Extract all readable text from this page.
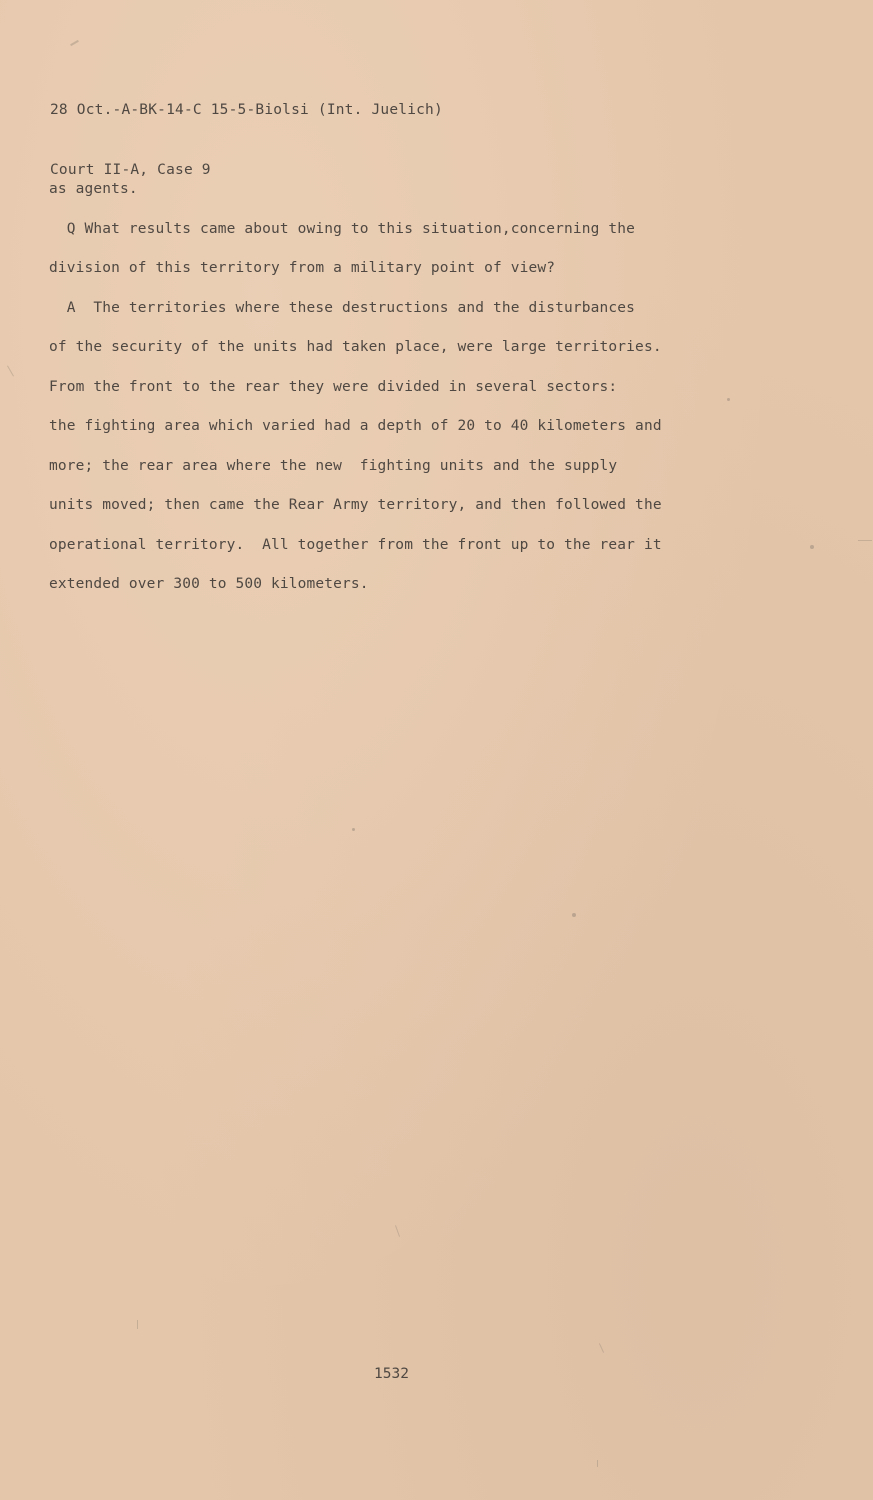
28 Oct.-A-BK-14-C 15-5-Biolsi (Int. Juelich)

Court II-A, Case 9

as agents.
Q What results came about owing to this situation,concerning the
division of this territory from a military point of view?
A  The territories where these destructions and the disturbances
of the security of the units had taken place, were large territories.
From the front to the rear they were divided in several sectors:
the fighting area which varied had a depth of 20 to 40 kilometers and
more; the rear area where the new  fighting units and the supply
units moved; then came the Rear Army territory, and then followed the
operational territory.  All together from the front up to the rear it
extended over 300 to 500 kilometers.
1532
